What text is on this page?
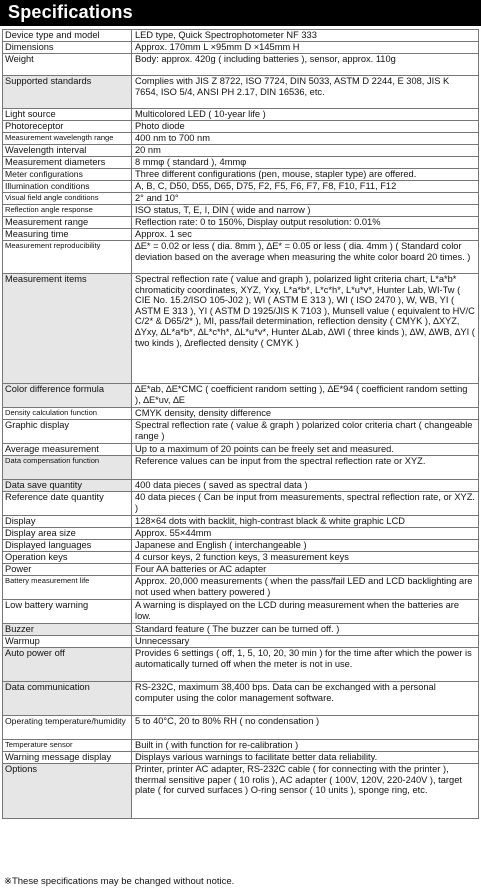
Specifications
Device type and model	LED type, Quick Spectrophotometer NF 333
Dimensions	Approx. 170mm L ×95mm D ×145mm H
Weight	Body: approx. 420g ( including batteries ), sensor, approx. 110g
Supported standards	Complies with JIS Z 8722, ISO 7724, DIN 5033, ASTM D 2244, E 308, JIS K 7654, ISO 5/4, ANSI PH 2.17, DIN 16536, etc.
Light source	Multicolored LED ( 10-year life )
Photoreceptor	Photo diode
Measurement wavelength range	400 nm to 700 nm
Wavelength interval	20 nm
Measurement diameters	8 mmφ ( standard ), 4mmφ
Meter configurations	Three different configurations (pen, mouse, stapler type) are offered.
Illumination conditions	A, B, C, D50, D55, D65, D75, F2, F5, F6, F7, F8, F10, F11, F12
Visual field angle conditions	2° and 10°
Reflection angle response	ISO status, T, E, I, DIN ( wide and narrow )
Measurement range	Reflection rate: 0 to 150%, Display output resolution: 0.01%
Measuring time	Approx. 1 sec
Measurement reproducibility	∆E* = 0.02 or less ( dia. 8mm ), ∆E* = 0.05 or less ( dia. 4mm ) ( Standard color deviation based on the average when measuring the white color board 20 times. )
Measurement items	Spectral reflection rate ( value and graph ), polarized light criteria chart, L*a*b* chromaticity coordinates, XYZ, Yxy, L*a*b*, L*c*h*, L*u*v*, Hunter Lab, WI-Tw ( CIE No. 15.2/ISO 105-J02 ), WI ( ASTM E 313 ), WI ( ISO 2470 ), W, WB, YI ( ASTM E 313 ), YI ( ASTM D 1925/JIS K 7103 ), Munsell value ( equivalent to HV/C C/2* & D65/2* ), MI, pass/fail determination, reflection density ( CMYK ), ∆XYZ, ∆Yxy, ∆L*a*b*, ∆L*c*h*, ∆L*u*v*, Hunter ∆Lab, ∆WI ( three kinds ), ∆W, ∆WB, ∆YI ( two kinds ), ∆reflected density ( CMYK )
Color difference formula	∆E*ab, ∆E*CMC ( coefficient random setting ), ∆E*94 ( coefficient random setting ), ∆E*uv, ∆E
Density calculation function	CMYK density, density difference
Graphic display	Spectral reflection rate ( value & graph ) polarized color criteria chart ( changeable range )
Average measurement	Up to a maximum of 20 points can be freely set and measured.
Data compensation function	Reference values can be input from the spectral reflection rate or XYZ.
Data save quantity	400 data pieces ( saved as spectral data )
Reference date quantity	40 data pieces ( Can be input from measurements, spectral reflection rate, or XYZ. )
Display	128×64 dots with backlit, high-contrast black & white graphic LCD
Display area size	Approx. 55×44mm
Displayed languages	Japanese and English ( interchangeable )
Operation keys	4 cursor keys, 2 function keys, 3 measurement keys
Power	Four AA batteries or AC adapter
Battery measurement life	Approx. 20,000 measurements ( when the pass/fail LED and LCD backlighting are not used when battery powered )
Low battery warning	A warning is displayed on the LCD during measurement when the batteries are low.
Buzzer	Standard feature ( The buzzer can be turned off. )
Warmup	Unnecessary
Auto power off	Provides 6 settings ( off, 1, 5, 10, 20, 30 min ) for the time after which the power is automatically turned off when the meter is not in use.
Data communication	RS-232C, maximum 38,400 bps. Data can be exchanged with a personal computer using the color management software.
Operating temperature/humidity	5 to 40°C, 20 to 80% RH ( no condensation )
Temperature sensor	Built in ( with function for re-calibration )
Warning message display	Displays various warnings to facilitate better data reliability.
Options	Printer, printer AC adapter, RS-232C cable ( for connecting with the printer ), thermal sensitive paper ( 10 rolis ), AC adapter ( 100V, 120V, 220-240V ), target plate ( for curved surfaces ) O-ring sensor ( 10 units ), sponge ring, etc.
※These specifications may be changed without notice.
